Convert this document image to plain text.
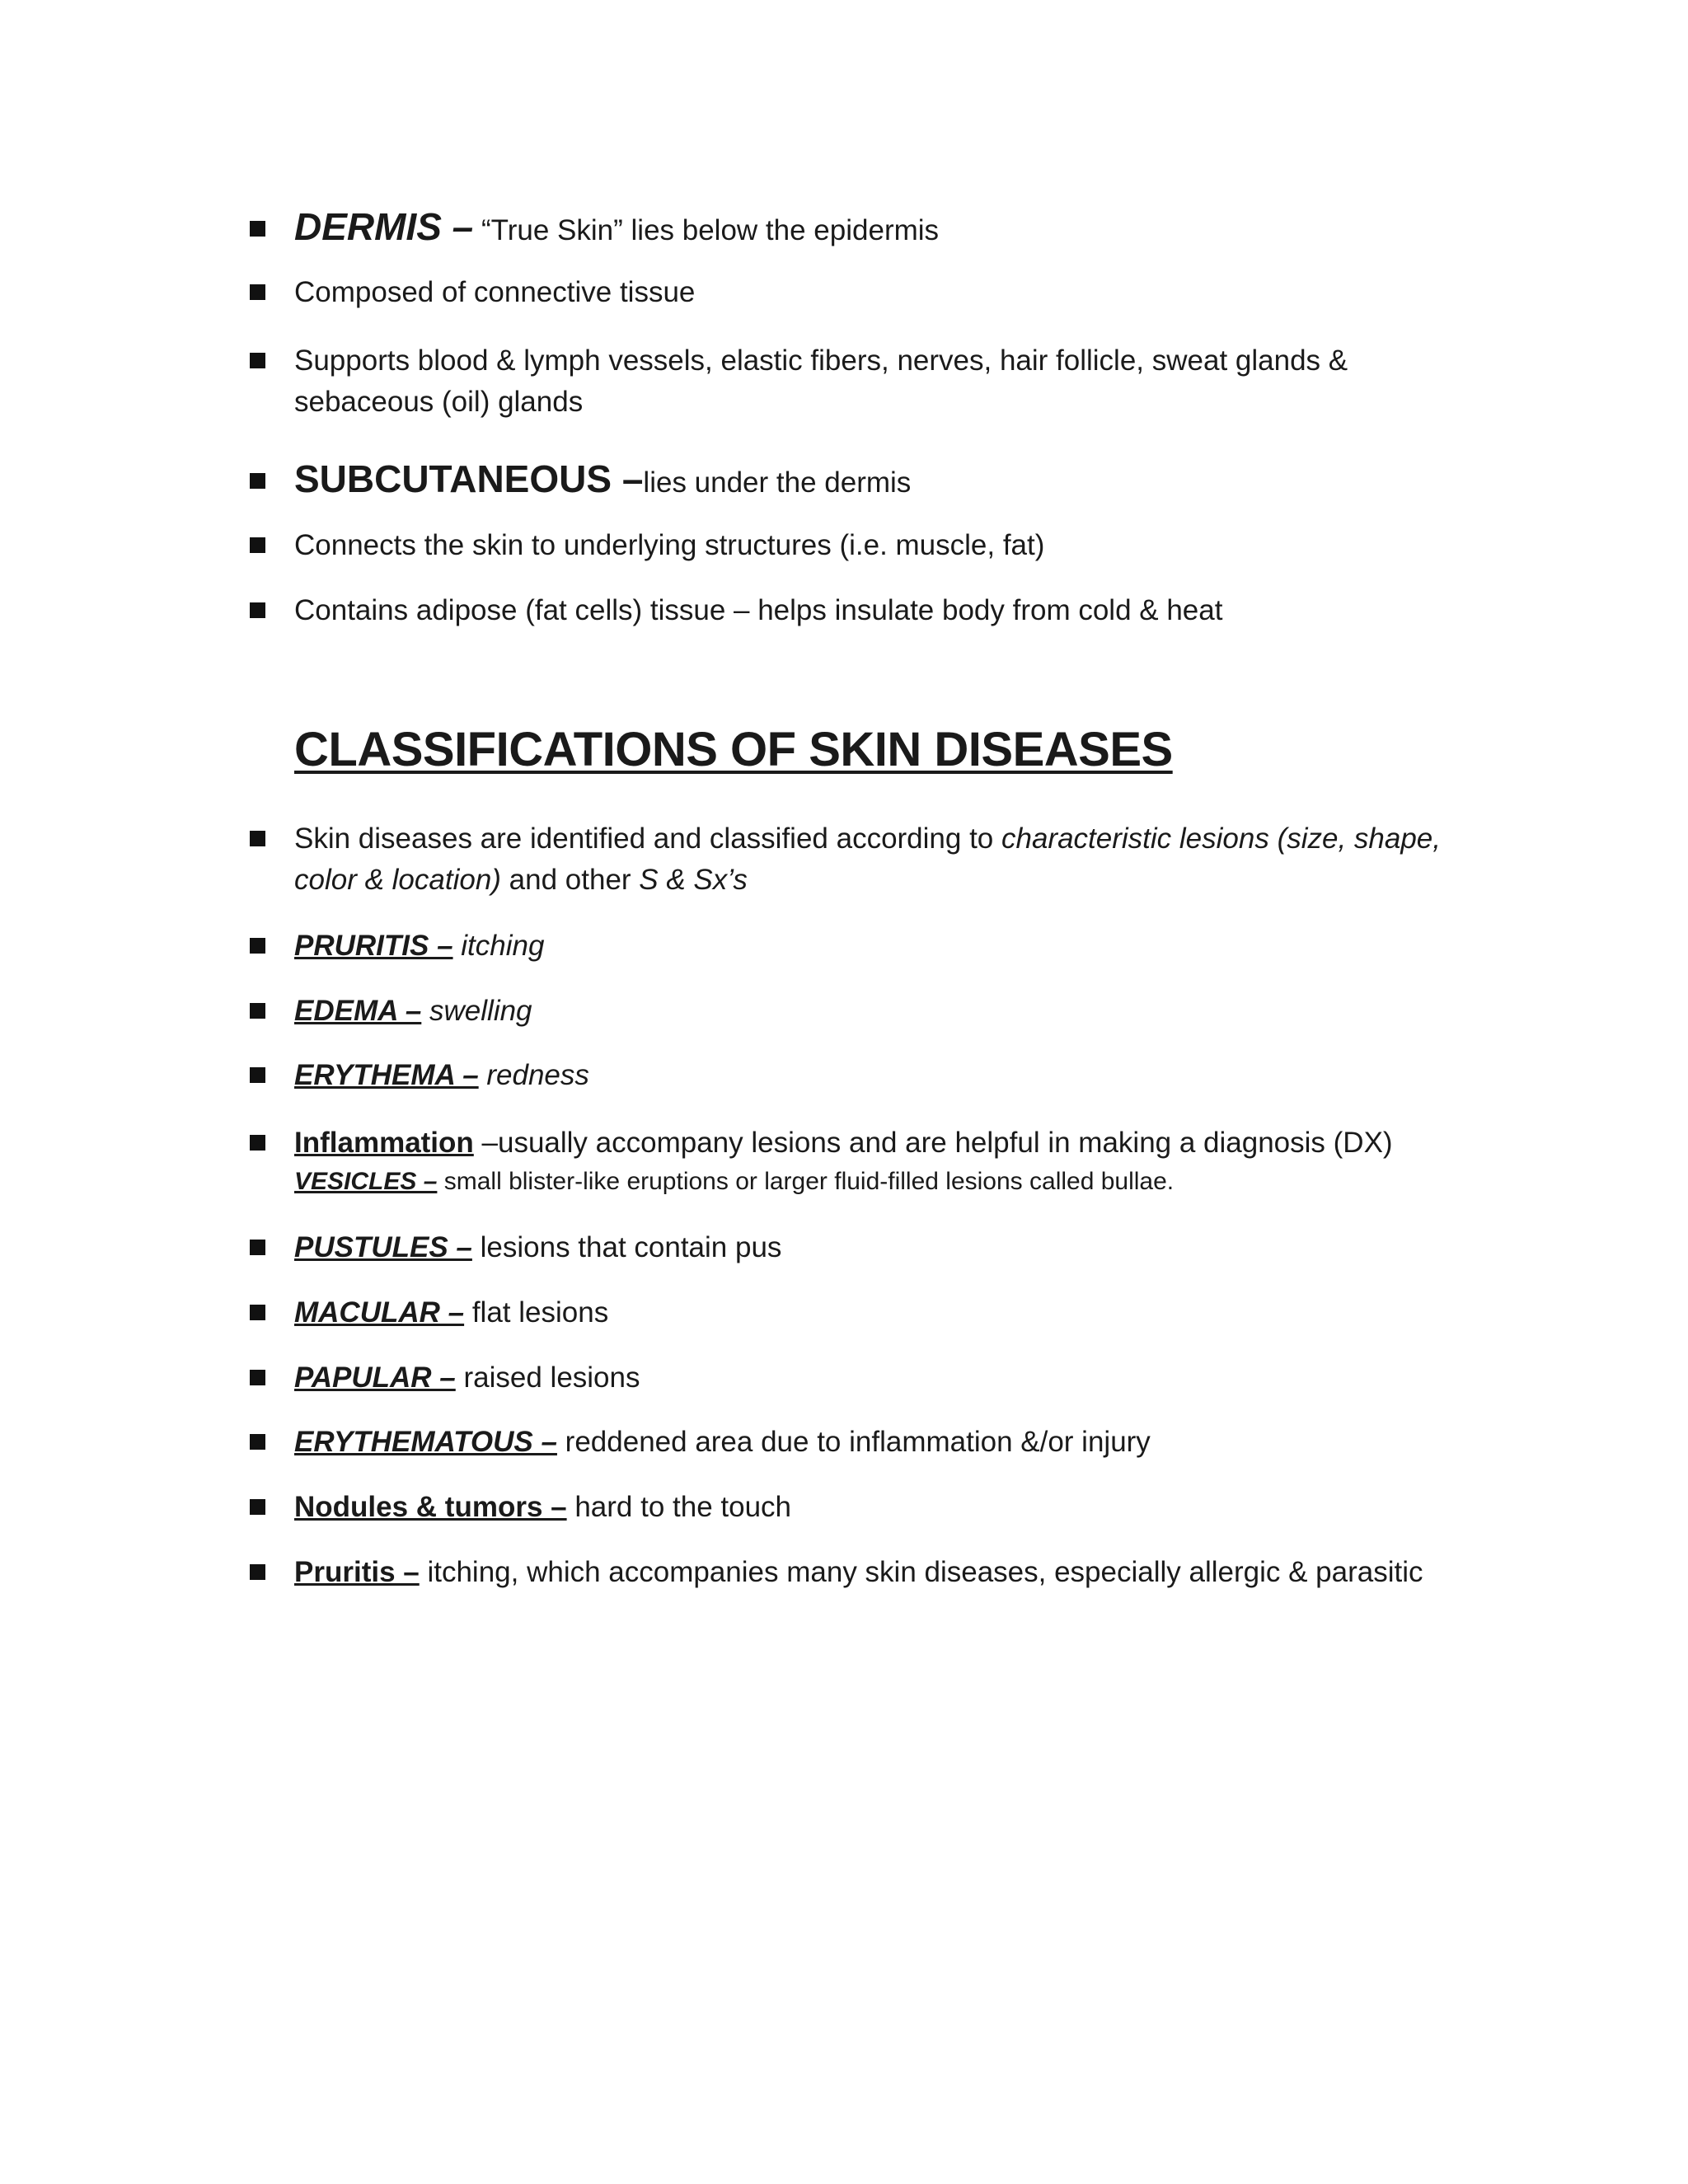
DERMIS – “True Skin” lies below the epidermis
Composed of connective tissue
Supports blood & lymph vessels, elastic fibers, nerves, hair follicle, sweat glands &
sebaceous (oil) glands
SUBCUTANEOUS –lies under the dermis
Connects the skin to underlying structures (i.e. muscle, fat)
Contains adipose (fat cells) tissue – helps insulate body from cold & heat
CLASSIFICATIONS OF SKIN DISEASES
Skin diseases are identified and classified according to characteristic lesions (size, shape,
color & location) and other S & Sx’s
PRURITIS – itching
EDEMA – swelling
ERYTHEMA – redness
Inflammation –usually accompany lesions and are helpful in making a diagnosis (DX)
VESICLES – small blister-like eruptions or larger fluid-filled lesions called bullae.
PUSTULES – lesions that contain pus
MACULAR – flat lesions
PAPULAR – raised lesions
ERYTHEMATOUS – reddened area due to inflammation &/or injury
Nodules & tumors – hard to the touch
Pruritis – itching, which accompanies many skin diseases, especially allergic & parasitic
